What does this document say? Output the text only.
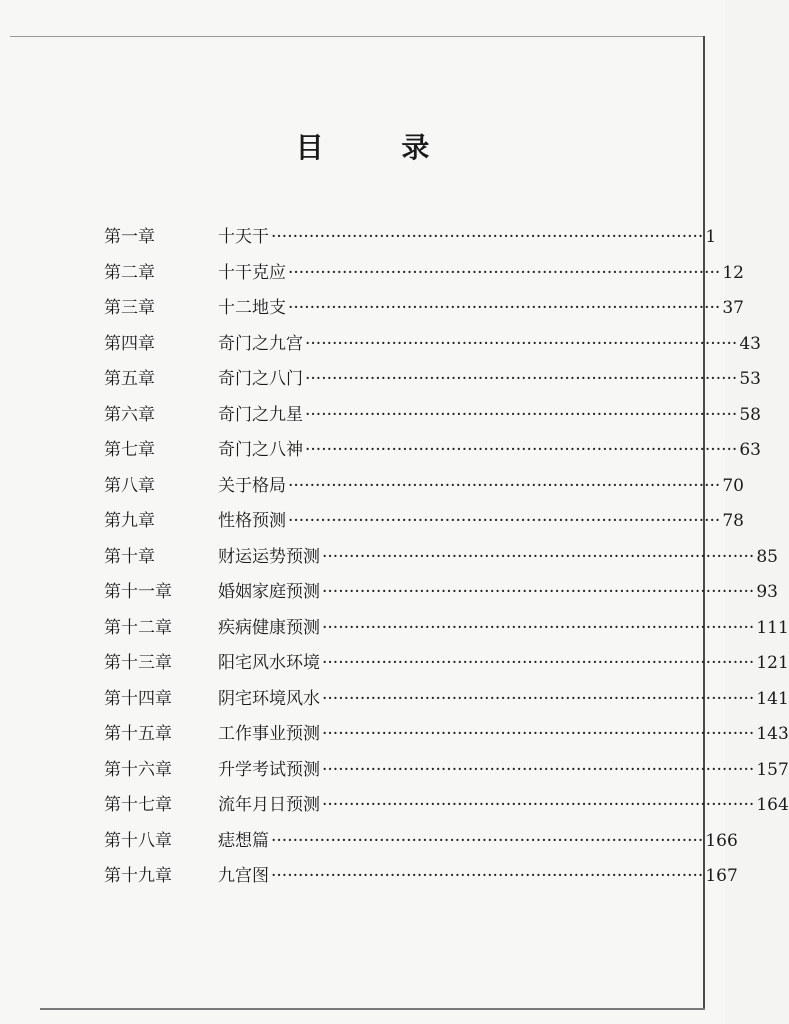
目 录
第一章	十天干 ················································································ 1
第二章	十干克应 ················································································ 12
第三章	十二地支 ················································································ 37
第四章	奇门之九宫 ················································································ 43
第五章	奇门之八门 ················································································ 53
第六章	奇门之九星 ················································································ 58
第七章	奇门之八神 ················································································ 63
第八章	关于格局 ················································································ 70
第九章	性格预测 ················································································ 78
第十章	财运运势预测 ················································································ 85
第十一章	婚姻家庭预测 ················································································ 93
第十二章	疾病健康预测 ················································································ 111
第十三章	阳宅风水环境 ················································································ 121
第十四章	阴宅环境风水 ················································································ 141
第十五章	工作事业预测 ················································································ 143
第十六章	升学考试预测 ················································································ 157
第十七章	流年月日预测 ················································································ 164
第十八章	痣想篇 ················································································ 166
第十九章	九宫图 ················································································ 167
